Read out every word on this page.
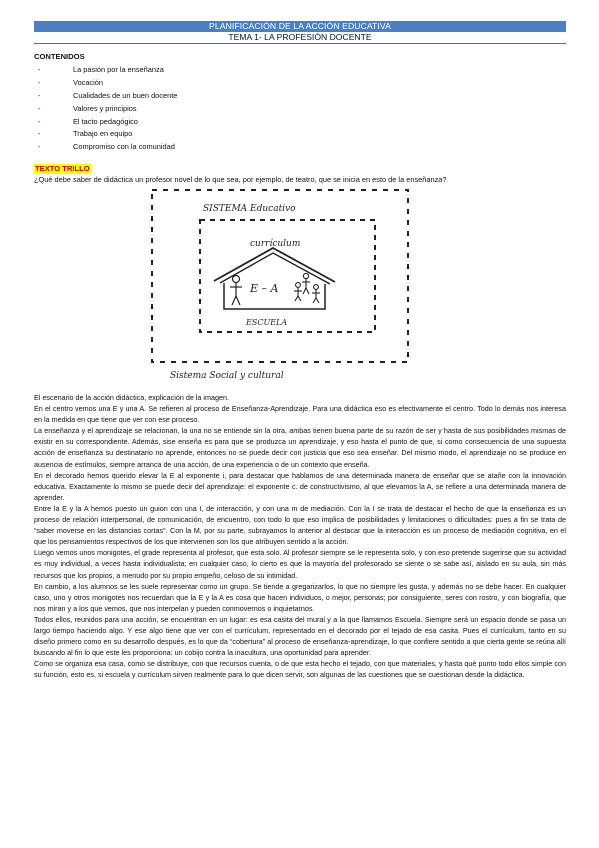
PLANIFICACIÓN DE LA ACCIÓN EDUCATIVA
TEMA 1- LA PROFESIÓN DOCENTE
CONTENIDOS
-	La pasión por la enseñanza
-	Vocación
-	Cualidades de un buen docente
-	Valores y principios
-	El tacto pedagógico
-	Trabajo en equipo
-	Compromiso con la comunidad
TEXTO TRILLO
¿Qué debe saber de didáctica un profesor novel de lo que sea, por ejemplo, de teatro, que se inicia en esto de la enseñanza?
SISTEMA Educativo
currículum
E – A
ESCUELA
Sistema Social y cultural

El escenario de la acción didáctica, explicación de la imagen.

En el centro vemos una E y una A. Se refieren al proceso de Enseñanza-Aprendizaje. Para una didáctica eso es efectivamente el centro. Todo lo demás nos interesa en la medida en que tiene que ver con ese proceso.

La enseñanza y el aprendizaje se relacionan, la una no se entiende sin la otra, ambas tienen buena parte de su razón de ser y hasta de sus posibilidades mismas de existir en su correspondiente. Además, sise enseña es para que se produzca un aprendizaje, y eso hasta el punto de que, si como consecuencia de una supuesta acción de enseñanza su destinatario no aprende, entonces no se puede decir con justicia que eso sea enseñar. Del mismo modo, el aprendizaje no se produce en ausencia de estímulos, siempre arranca de una acción, de una experiencia o de un contexto que enseña.

En el decorado hemos querido elevar la E al exponente i, para destacar que hablamos de una determinada manera de enseñar que se atañe con la innovación educativa. Exactamente lo mismo se puede decir del aprendizaje: el exponente c. de constructivismo, al que elevamos la A, se refiere a una determinada manera de aprender.

Entre la E y la A hemos puesto un guion con una I, de interacción, y con una m de mediación. Con la I se trata de destacar el hecho de que la enseñanza es un proceso de relación interpersonal, de comunicación, de encuentro, con todo lo que eso implica de posibilidades y limitaciones o dificultades: pues a fin se trata de “saber moverse en las distancias cortas”. Con la M, por su parte, subrayamos lo anterior al destacar que la interacción es un proceso de mediación cognitiva, en el que los pensamientos respectivos de los que intervienen son los que atribuyen sentido a la acción.

Luego vemos unos monigotes, el grade representa al profesor, que esta solo. Al profesor siempre se le representa solo, y con eso pretende sugerirse que su actividad es muy individual, a veces hasta individualista; en cualquier caso, lo cierto es que la mayoría del profesorado se siente o se sabe así, aislado en su aula, sin más recursos que los propios, a menudo por su propio empeño, celoso de su intimidad.

En cambio, a los alumnos se les suele representar como un grupo. Se tiende a gregarizarlos, lo que no siempre les gusta, y además no se debe hacer. En cualquier caso, uno y otros monigotes nos recuerdan que la E y la A es cosa que hacen individuos, o mejor, personas; por consiguiente, seres con rostro, y con biografía, que nos miran y a los que vemos, que nos interpelan y pueden conmovernos o inquietarnos.

Todos ellos, reunidos para una acción, se encuentran en un lugar: es esa casita del mural y a la que llamamos Escuela. Siempre será un espacio donde se pasa un largo tiempo haciendo algo. Y ese algo tiene que ver con el currículum, representado en el decorado por el tejado de esa casita. Pues el currículum, tanto en su diseño primero como en su desarrollo después, es lo que da “cobertura” al proceso de enseñanza-aprendizaje, lo que confiere sentido a que cierta gente se reúna allí buscando al fin lo que este les proporciona: un cobijo contra la inacultura, una oportunidad para aprender.

Como se organiza esa casa, como se distribuye, con que recursos cuenta, o de que esta hecho el tejado, con que materiales, y hasta qué punto todo ellos simple con su función, esto es, si escuela y currículum sirven realmente para lo que dicen servir, son algunas de las cuestiones que se cuestionan desde la didáctica.
